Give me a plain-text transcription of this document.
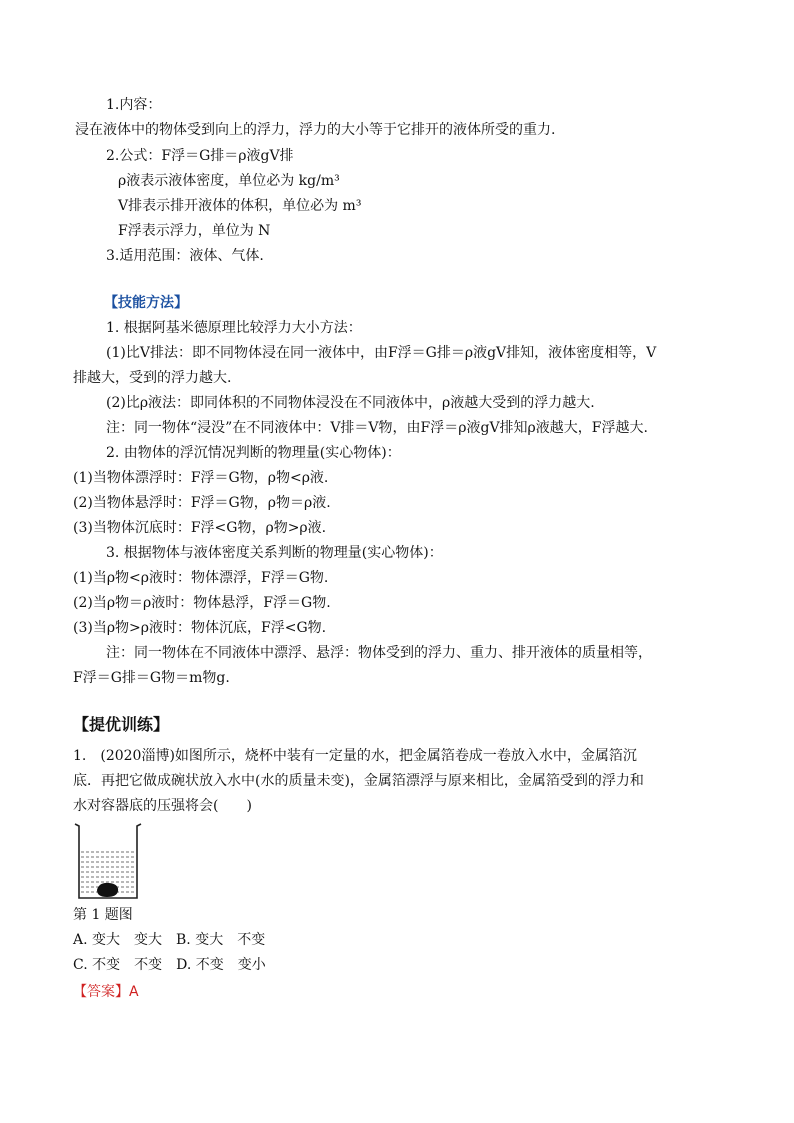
1.内容：
浸在液体中的物体受到向上的浮力，浮力的大小等于它排开的液体所受的重力.
2.公式：F浮＝G排＝ρ液gV排
ρ液表示液体密度，单位必为 kg/m³
V排表示排开液体的体积，单位必为 m³
F浮表示浮力，单位为 N
3.适用范围：液体、气体.
【技能方法】
1. 根据阿基米德原理比较浮力大小方法：
(1)比V排法：即不同物体浸在同一液体中，由F浮＝G排＝ρ液gV排知，液体密度相等，V
排越大，受到的浮力越大.
(2)比ρ液法：即同体积的不同物体浸没在不同液体中，ρ液越大受到的浮力越大.
注：同一物体“浸没”在不同液体中：V排＝V物，由F浮＝ρ液gV排知ρ液越大，F浮越大.
2. 由物体的浮沉情况判断的物理量(实心物体)：
(1)当物体漂浮时：F浮＝G物，ρ物<ρ液.
(2)当物体悬浮时：F浮＝G物，ρ物＝ρ液.
(3)当物体沉底时：F浮<G物，ρ物>ρ液.
3. 根据物体与液体密度关系判断的物理量(实心物体)：
(1)当ρ物<ρ液时：物体漂浮，F浮＝G物.
(2)当ρ物＝ρ液时：物体悬浮，F浮＝G物.
(3)当ρ物>ρ液时：物体沉底，F浮<G物.
注：同一物体在不同液体中漂浮、悬浮：物体受到的浮力、重力、排开液体的质量相等，
F浮＝G排＝G物＝m物g.
【提优训练】
1.　(2020淄博)如图所示，烧杯中装有一定量的水，把金属箔卷成一卷放入水中，金属箔沉
底．再把它做成碗状放入水中(水的质量未变)，金属箔漂浮与原来相比，金属箔受到的浮力和
水对容器底的压强将会(　　)
第 1 题图
A. 变大　变大　B. 变大　不变
C. 不变　不变　D. 不变　变小
【答案】A
